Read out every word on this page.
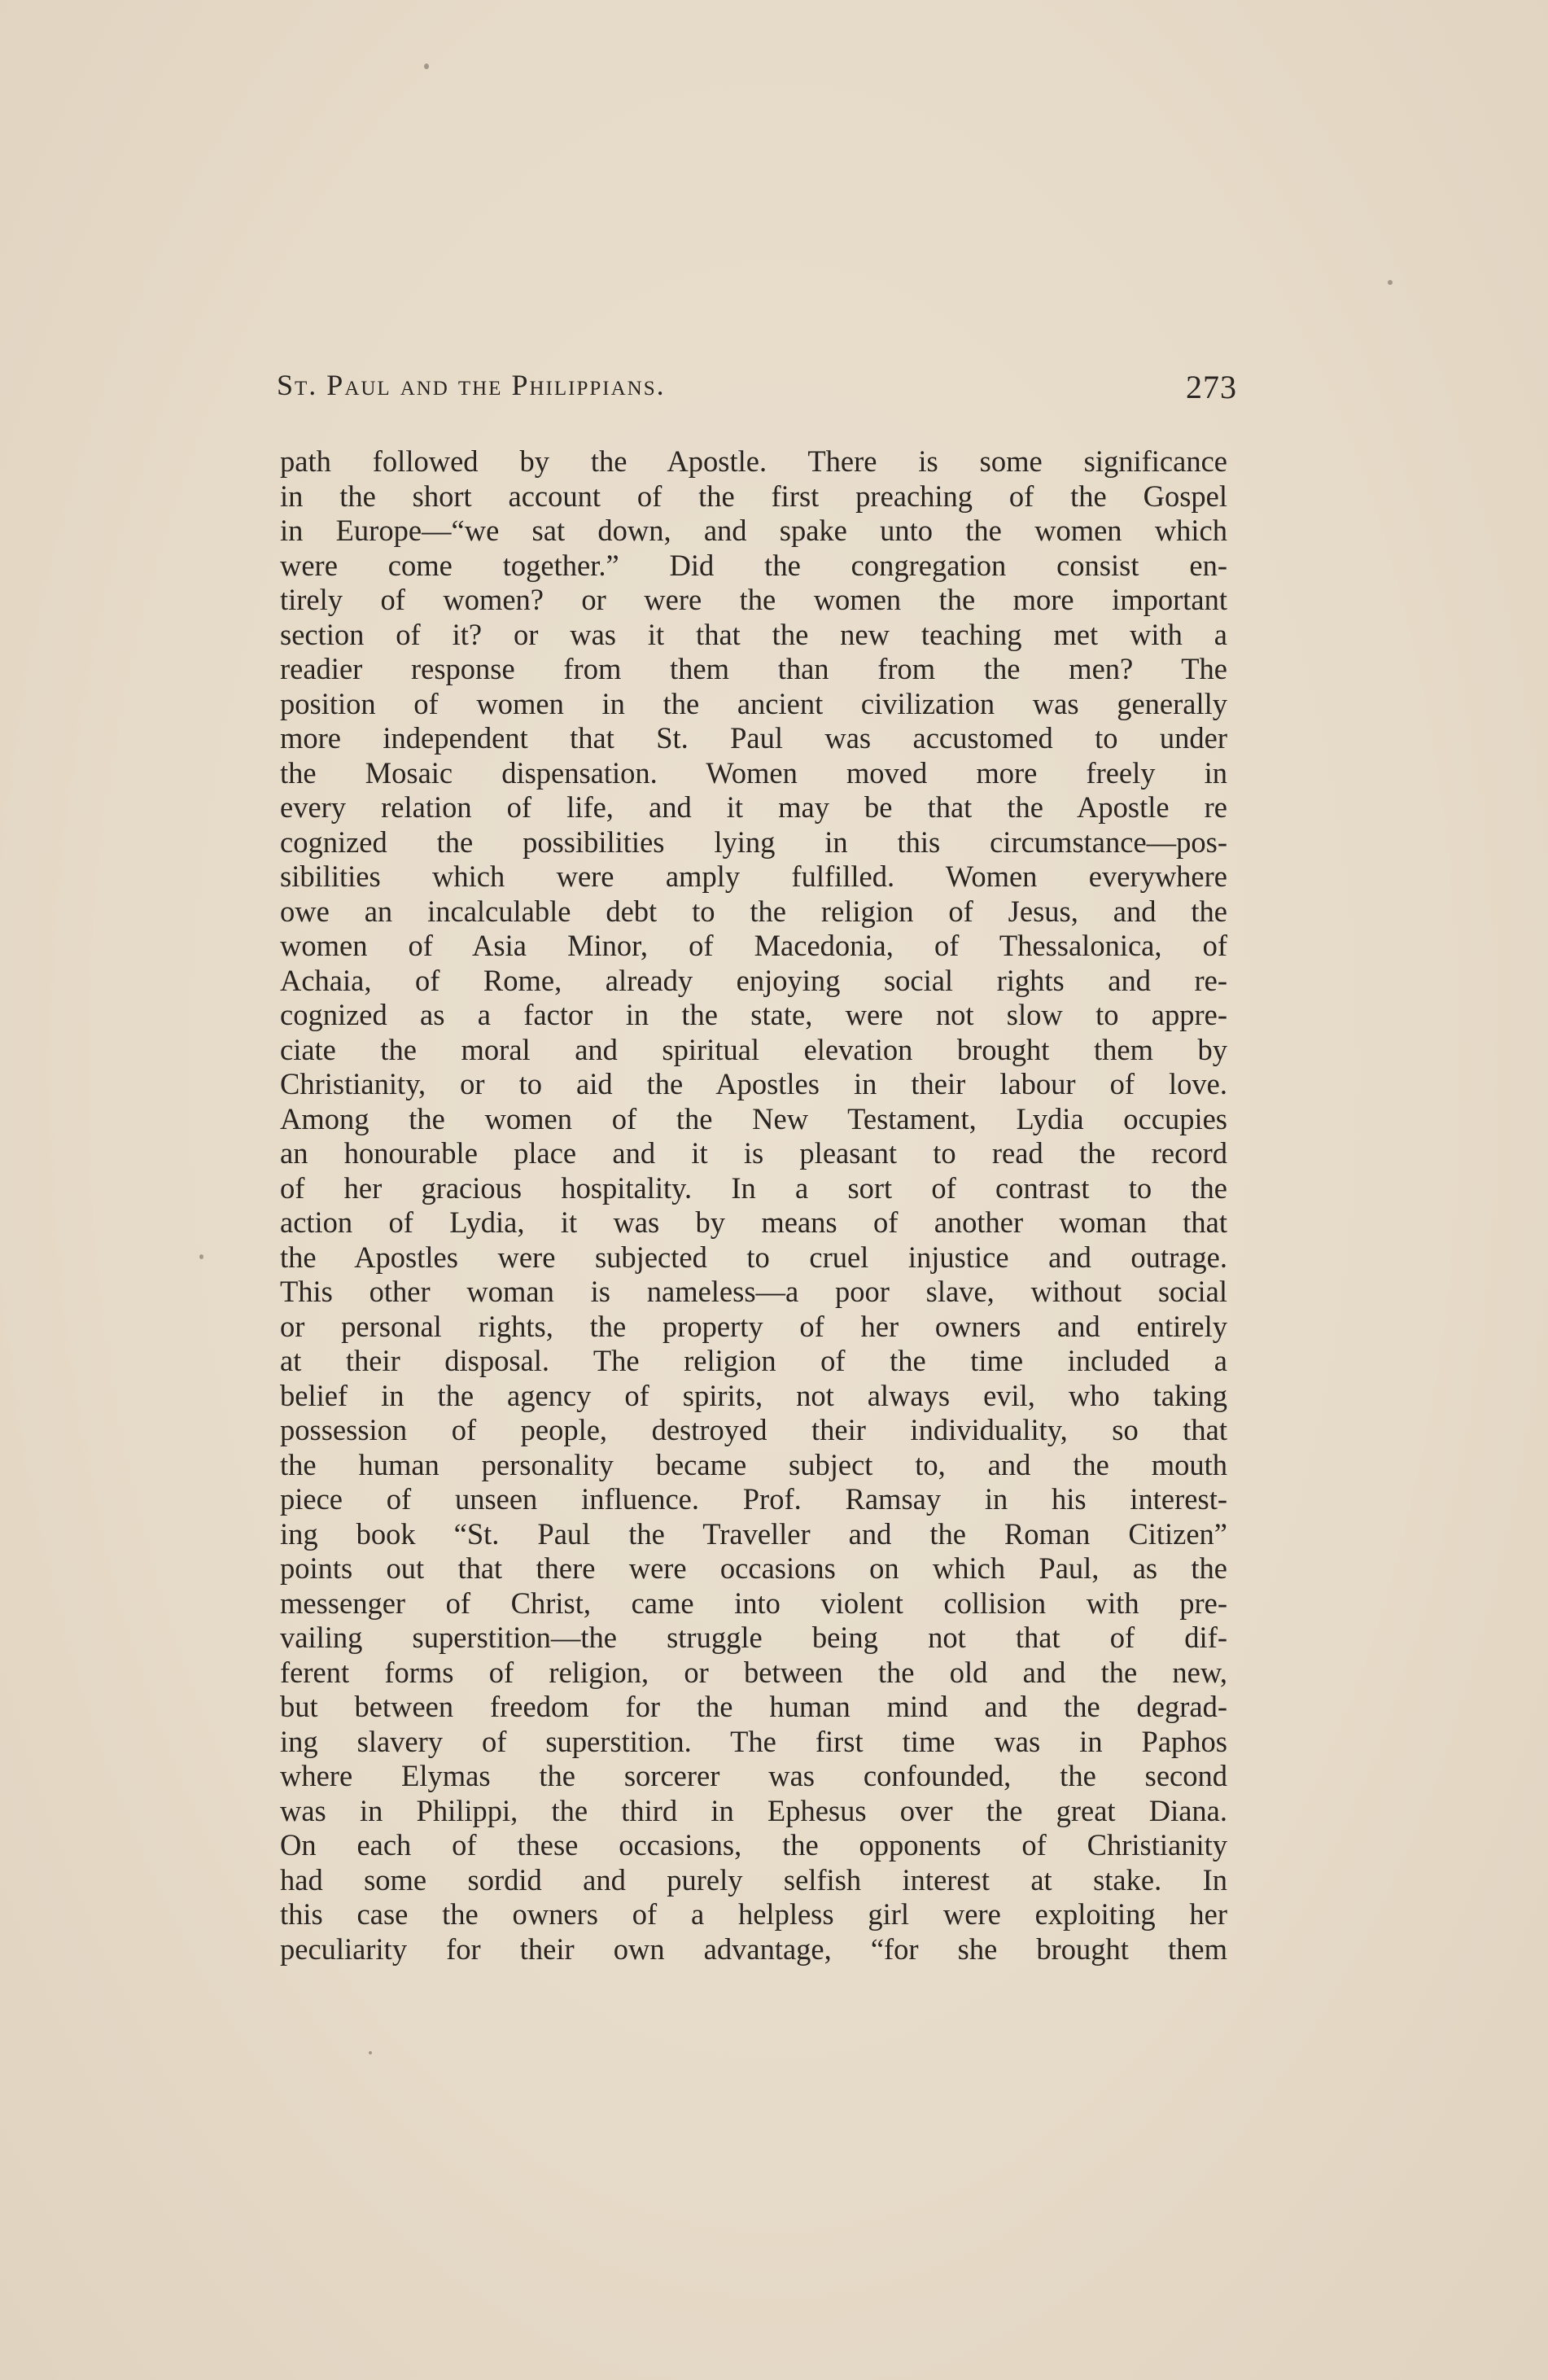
St. Paul and the Philippians.	273
path followed by the Apostle. There is some significance
in the short account of the first preaching of the Gospel
in Europe—“we sat down, and spake unto the women which
were come together.” Did the congregation consist en-
tirely of women? or were the women the more important
section of it? or was it that the new teaching met with a
readier response from them than from the men? The
position of women in the ancient civilization was generally
more independent that St. Paul was accustomed to under
the Mosaic dispensation. Women moved more freely in
every relation of life, and it may be that the Apostle re
cognized the possibilities lying in this circumstance—pos-
sibilities which were amply fulfilled. Women everywhere
owe an incalculable debt to the religion of Jesus, and the
women of Asia Minor, of Macedonia, of Thessalonica, of
Achaia, of Rome, already enjoying social rights and re-
cognized as a factor in the state, were not slow to appre-
ciate the moral and spiritual elevation brought them by
Christianity, or to aid the Apostles in their labour of love.
Among the women of the New Testament, Lydia occupies
an honourable place and it is pleasant to read the record
of her gracious hospitality. In a sort of contrast to the
action of Lydia, it was by means of another woman that
the Apostles were subjected to cruel injustice and outrage.
This other woman is nameless—a poor slave, without social
or personal rights, the property of her owners and entirely
at their disposal. The religion of the time included a
belief in the agency of spirits, not always evil, who taking
possession of people, destroyed their individuality, so that
the human personality became subject to, and the mouth
piece of unseen influence. Prof. Ramsay in his interest-
ing book “St. Paul the Traveller and the Roman Citizen”
points out that there were occasions on which Paul, as the
messenger of Christ, came into violent collision with pre-
vailing superstition—the struggle being not that of dif-
ferent forms of religion, or between the old and the new,
but between freedom for the human mind and the degrad-
ing slavery of superstition. The first time was in Paphos
where Elymas the sorcerer was confounded, the second
was in Philippi, the third in Ephesus over the great Diana.
On each of these occasions, the opponents of Christianity
had some sordid and purely selfish interest at stake. In
this case the owners of a helpless girl were exploiting her
peculiarity for their own advantage, “for she brought them
